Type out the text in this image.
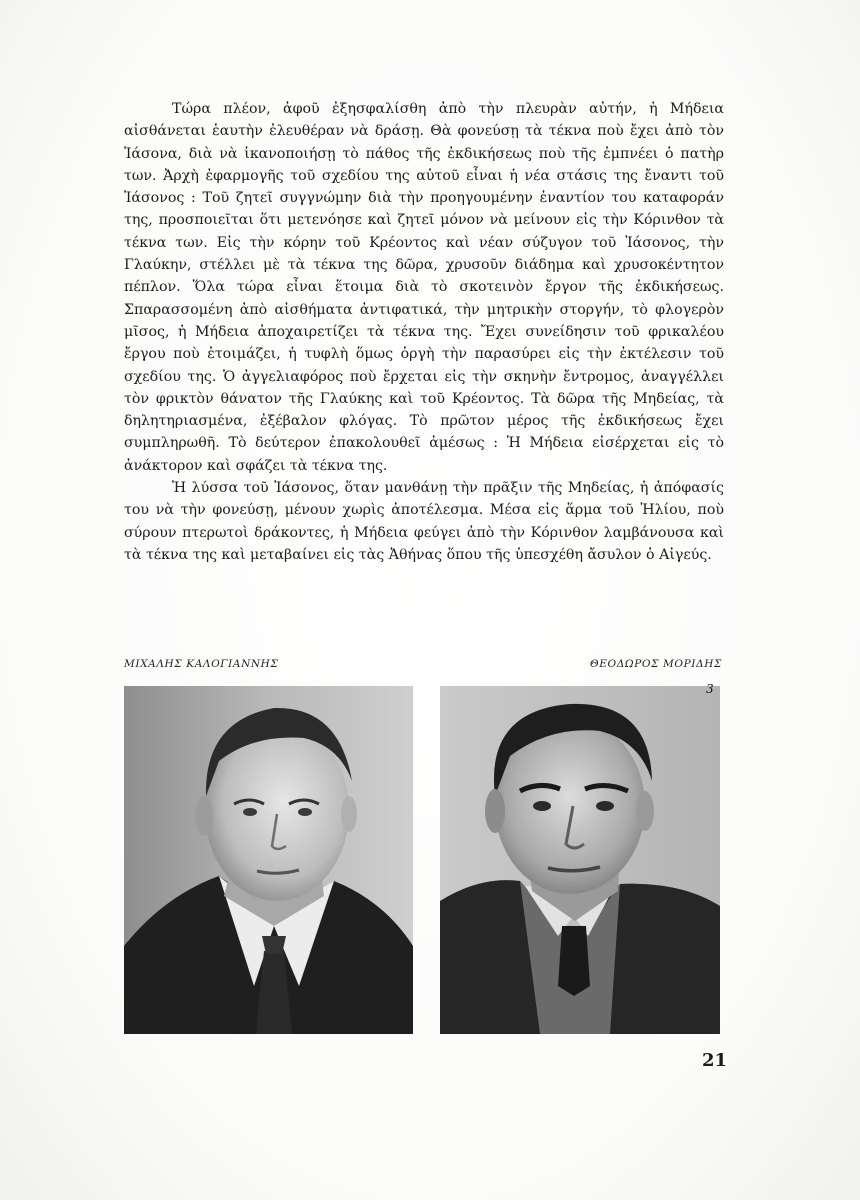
Τώρα πλέον, ἀφοῦ ἐξησφαλίσθη ἀπὸ τὴν πλευρὰν αὐτήν, ἡ Μήδεια αἰσθάνεται ἑαυτὴν ἐλευθέραν νὰ δράσῃ. Θὰ φονεύσῃ τὰ τέκνα ποὺ ἔχει ἀπὸ τὸν Ἰάσονα, διὰ νὰ ἱκανοποιήσῃ τὸ πάθος τῆς ἐκδικήσεως ποὺ τῆς ἐμπνέει ὁ πατὴρ των. Ἀρχὴ ἐφαρμογῆς τοῦ σχεδίου της αὐτοῦ εἶναι ἡ νέα στάσις της ἔναντι τοῦ Ἰάσονος : Τοῦ ζητεῖ συγγνώμην διὰ τὴν προηγουμένην ἐναντίον του καταφοράν της, προσποιεῖται ὅτι μετενόησε καὶ ζητεῖ μόνον νὰ μείνουν εἰς τὴν Κόρινθον τὰ τέκνα των. Εἰς τὴν κόρην τοῦ Κρέοντος καὶ νέαν σύζυγον τοῦ Ἰάσονος, τὴν Γλαύκην, στέλλει μὲ τὰ τέκνα της δῶρα, χρυσοῦν διάδημα καὶ χρυσοκέντητον πέπλον. Ὅλα τώρα εἶναι ἕτοιμα διὰ τὸ σκοτεινὸν ἔργον τῆς ἐκδικήσεως. Σπαρασσομένη ἀπὸ αἰσθήματα ἀντιφατικά, τὴν μητρικὴν στοργήν, τὸ φλογερὸν μῖσος, ἡ Μήδεια ἀποχαιρετίζει τὰ τέκνα της. Ἔχει συνείδησιν τοῦ φρικαλέου ἔργου ποὺ ἑτοιμάζει, ἡ τυφλὴ ὅμως ὀργὴ τὴν παρασύρει εἰς τὴν ἐκτέλεσιν τοῦ σχεδίου της. Ὁ ἀγγελιαφόρος ποὺ ἔρχεται εἰς τὴν σκηνὴν ἔντρομος, ἀναγγέλλει τὸν φρικτὸν θάνατον τῆς Γλαύκης καὶ τοῦ Κρέοντος. Τὰ δῶρα τῆς Μηδείας, τὰ δηλητηριασμένα, ἐξέβαλον φλόγας. Τὸ πρῶτον μέρος τῆς ἐκδικήσεως ἔχει συμπληρωθῆ. Τὸ δεύτερον ἐπακολουθεῖ ἀμέσως : Ἡ Μήδεια εἰσέρχεται εἰς τὸ ἀνάκτορον καὶ σφάζει τὰ τέκνα της.

Ἡ λύσσα τοῦ Ἰάσονος, ὅταν μανθάνῃ τὴν πρᾶξιν τῆς Μηδείας, ἡ ἀπόφασίς του νὰ τὴν φονεύσῃ, μένουν χωρὶς ἀποτέλεσμα. Μέσα εἰς ἅρμα τοῦ Ἡλίου, ποὺ σύρουν πτερωτοὶ δράκοντες, ἡ Μήδεια φεύγει ἀπὸ τὴν Κόρινθον λαμβάνουσα καὶ τὰ τέκνα της καὶ μεταβαίνει εἰς τὰς Ἀθήνας ὅπου τῆς ὑπεσχέθη ἄσυλον ὁ Αἰγεύς.

ΜΙΧΑΛΗΣ ΚΑΛΟΓΙΑΝΝΗΣ	ΘΕΟΔΩΡΟΣ ΜΟΡΙΔΗΣ
3
21
